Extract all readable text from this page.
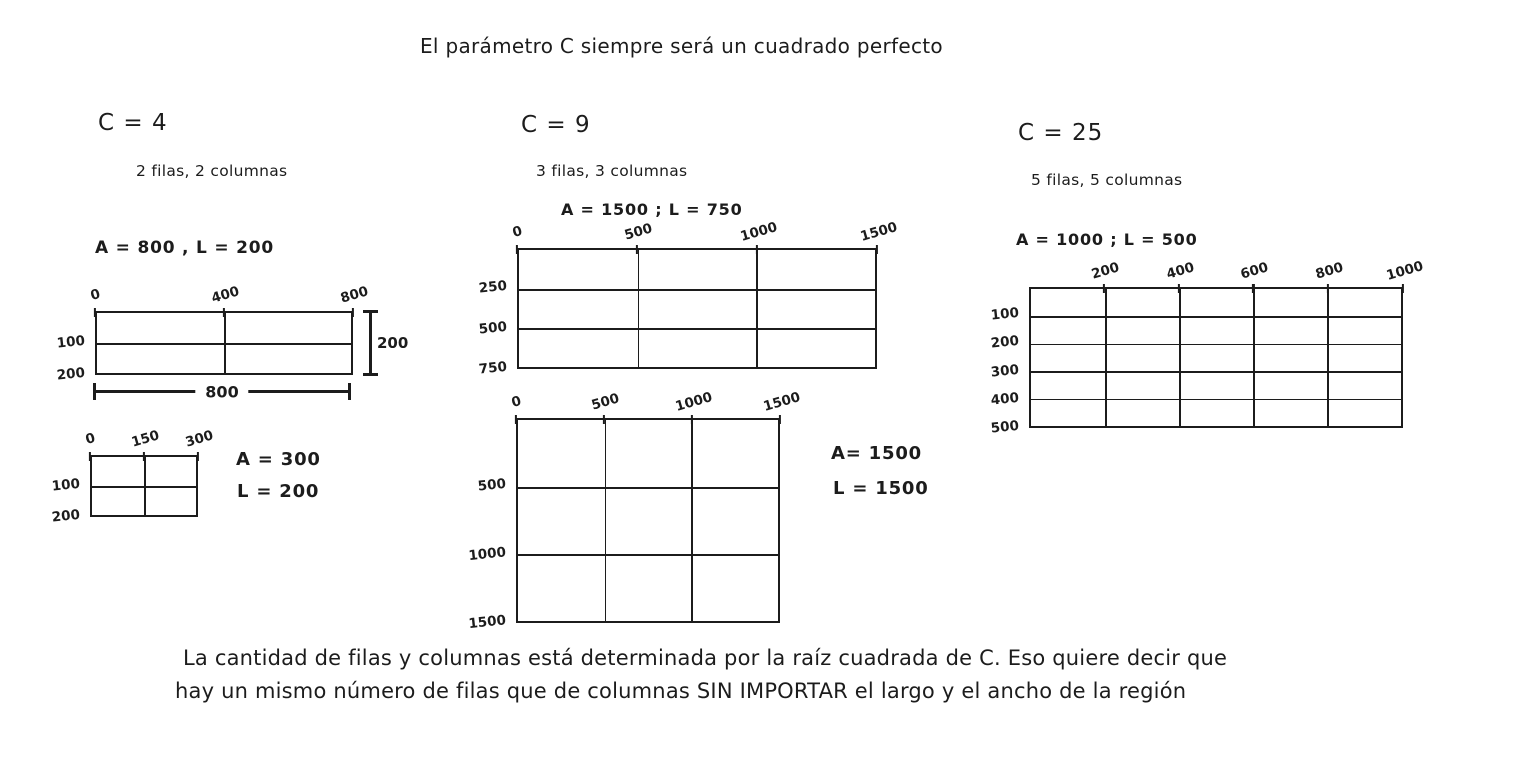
El parámetro C siempre será un cuadrado perfecto
C = 4
2 filas, 2 columnas
A = 800 , L = 200
200
800
0	400	800
100
200
0 150 300
100
200
A = 300
L = 200
C = 9
3 filas, 3 columnas
A = 1500 ; L = 750
0	500	1000	1500
250
500
750
0	500	1000	1500
500
1000
1500
A= 1500
L = 1500
C = 25
5 filas, 5 columnas
A = 1000 ; L = 500
200	400	600	800	1000
100
200
300
400
500
La cantidad de filas y columnas está determinada por la raíz cuadrada de C. Eso quiere decir que
hay un mismo número de filas que de columnas SIN IMPORTAR el largo y el ancho de la región
